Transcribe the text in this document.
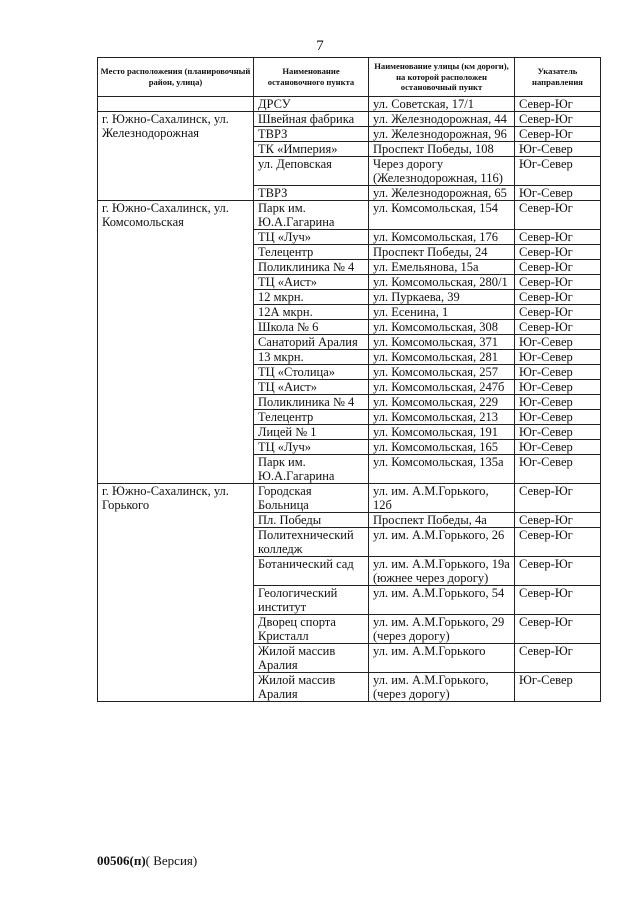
7
Место расположения (планировочный район, улица)	Наименование остановочного пункта	Наименование улицы (км дороги), на которой расположен остановочный пункт	Указатель направления
	ДРСУ	ул. Советская, 17/1	Север-Юг
г. Южно-Сахалинск, ул. Железнодорожная	Швейная фабрика	ул. Железнодорожная, 44	Север-Юг
	ТВРЗ	ул. Железнодорожная, 96	Север-Юг
	ТК «Империя»	Проспект Победы, 108	Юг-Север
	ул. Деповская	Через дорогу (Железнодорожная, 116)	Юг-Север
	ТВРЗ	ул. Железнодорожная, 65	Юг-Север
г. Южно-Сахалинск, ул. Комсомольская	Парк им. Ю.А.Гагарина	ул. Комсомольская, 154	Север-Юг
	ТЦ «Луч»	ул. Комсомольская, 176	Север-Юг
	Телецентр	Проспект Победы, 24	Север-Юг
	Поликлиника № 4	ул. Емельянова, 15а	Север-Юг
	ТЦ «Аист»	ул. Комсомольская, 280/1	Север-Юг
	12 мкрн.	ул. Пуркаева, 39	Север-Юг
	12А мкрн.	ул. Есенина, 1	Север-Юг
	Школа № 6	ул. Комсомольская, 308	Север-Юг
	Санаторий Аралия	ул. Комсомольская, 371	Юг-Север
	13 мкрн.	ул. Комсомольская, 281	Юг-Север
	ТЦ «Столица»	ул. Комсомольская, 257	Юг-Север
	ТЦ «Аист»	ул. Комсомольская, 247б	Юг-Север
	Поликлиника № 4	ул. Комсомольская, 229	Юг-Север
	Телецентр	ул. Комсомольская, 213	Юг-Север
	Лицей № 1	ул. Комсомольская, 191	Юг-Север
	ТЦ «Луч»	ул. Комсомольская, 165	Юг-Север
	Парк им. Ю.А.Гагарина	ул. Комсомольская, 135а	Юг-Север
г. Южно-Сахалинск, ул. Горького	Городская Больница	ул. им. А.М.Горького, 12б	Север-Юг
	Пл. Победы	Проспект Победы, 4а	Север-Юг
	Политехнический колледж	ул. им. А.М.Горького, 26	Север-Юг
	Ботанический сад	ул. им. А.М.Горького, 19а (южнее через дорогу)	Север-Юг
	Геологический институт	ул. им. А.М.Горького, 54	Север-Юг
	Дворец спорта Кристалл	ул. им. А.М.Горького, 29 (через дорогу)	Север-Юг
	Жилой массив Аралия	ул. им. А.М.Горького	Север-Юг
	Жилой массив Аралия	ул. им. А.М.Горького, (через дорогу)	Юг-Север
00506(п)( Версия)
